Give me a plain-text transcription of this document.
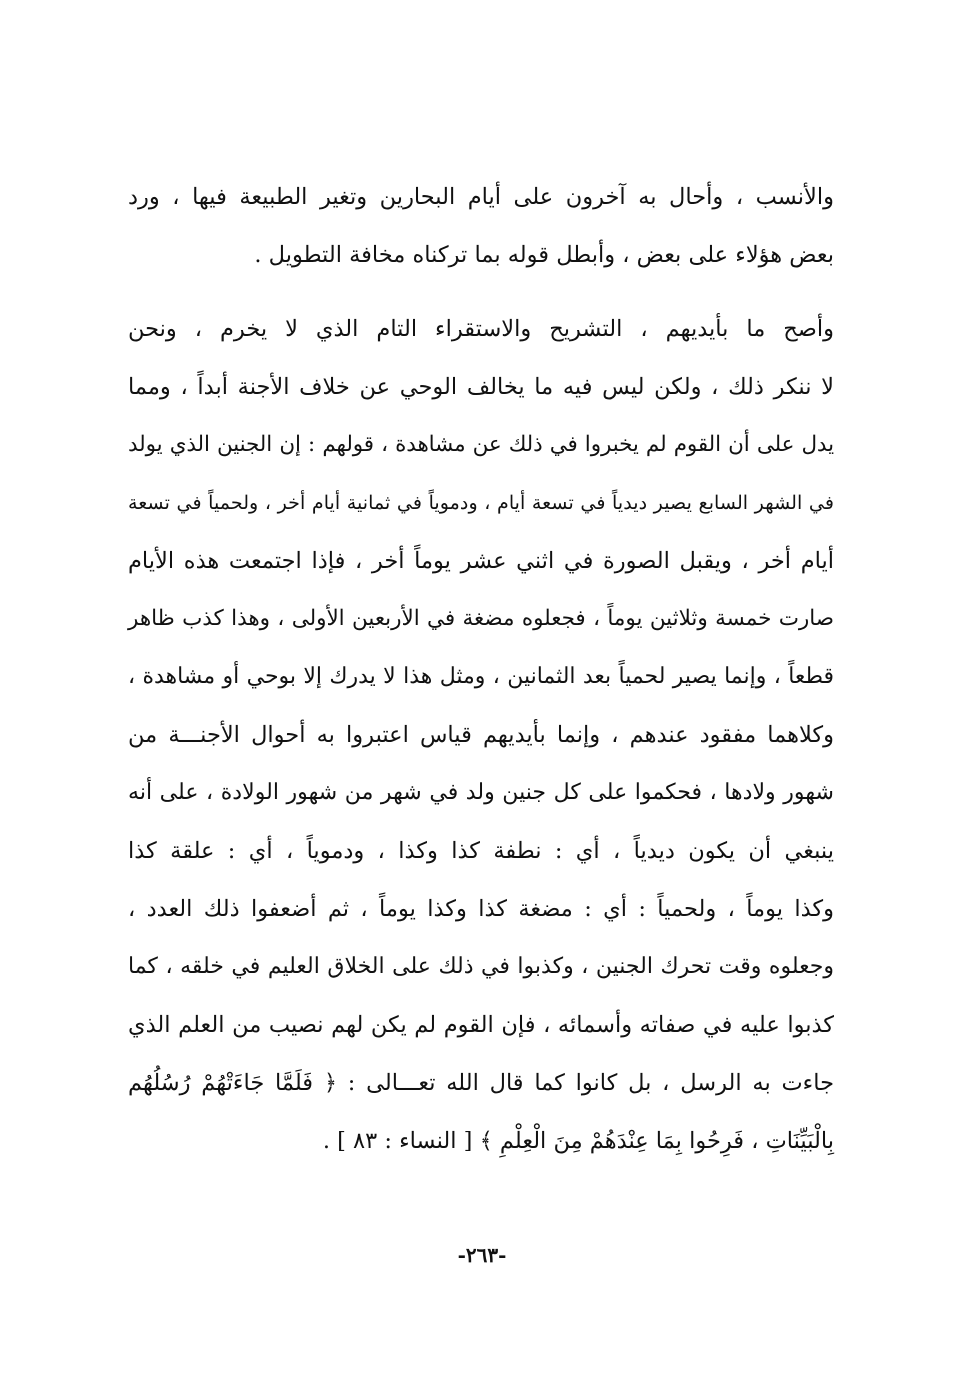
والأنسب ، وأحال به آخرون على أيام البحارين وتغير الطبيعة فيها ، ورد
بعض هؤلاء على بعض ، وأبطل قوله بما تركناه مخافة التطويل .
وأصح ما بأيديهم ، التشريح والاستقراء التام الذي لا يخرم ، ونحن
لا ننكر ذلك ، ولكن ليس فيه ما يخالف الوحي عن خلاف الأجنة أبداً ، ومما
يدل على أن القوم لم يخبروا في ذلك عن مشاهدة ، قولهم : إن الجنين الذي يولد
في الشهر السابع يصير ديدياً في تسعة أيام ، ودموياً في ثمانية أيام أخر ، ولحمياً في تسعة
أيام أخر ، ويقبل الصورة في اثني عشر يوماً أخر ، فإذا اجتمعت هذه الأيام
صارت خمسة وثلاثين يوماً ، فجعلوه مضغة في الأربعين الأولى ، وهذا كذب ظاهر
قطعاً ، وإنما يصير لحمياً بعد الثمانين ، ومثل هذا لا يدرك إلا بوحي أو مشاهدة ،
وكلاهما مفقود عندهم ، وإنما بأيديهم قياس اعتبروا به أحوال الأجنـــة من
شهور ولادها ، فحكموا على كل جنين ولد في شهر من شهور الولادة ، على أنه
ينبغي أن يكون ديدياً ، أي : نطفة كذا وكذا ، ودموياً ، أي : علقة كذا
وكذا يوماً ، ولحمياً : أي : مضغة كذا وكذا يوماً ، ثم أضعفوا ذلك العدد ،
وجعلوه وقت تحرك الجنين ، وكذبوا في ذلك على الخلاق العليم في خلقه ، كما
كذبوا عليه في صفاته وأسمائه ، فإن القوم لم يكن لهم نصيب من العلم الذي
جاءت به الرسل ، بل كانوا كما قال الله تعـــالى : ﴿ فَلَمَّا جَاءَتْهُمْ رُسُلُهُم
بِالْبَيِّنَاتِ ، فَرِحُوا بِمَا عِنْدَهُمْ مِنَ الْعِلْمِ ﴾ [ النساء : ٨٣ ] .
-٢٦٣-
